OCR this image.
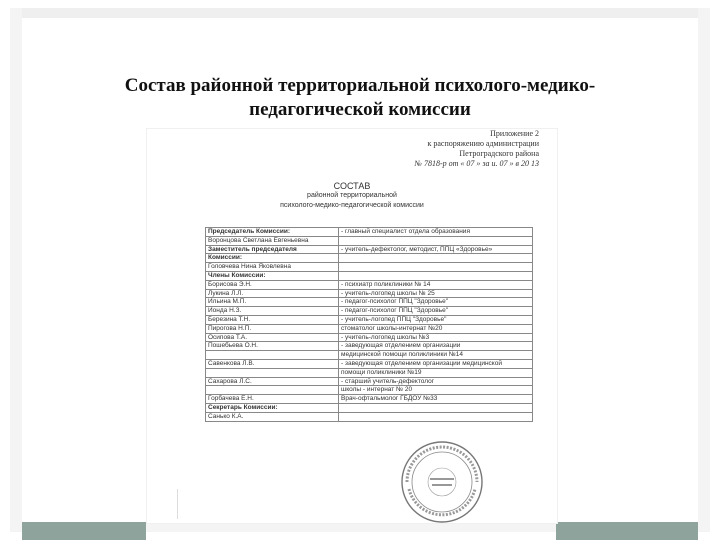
Состав районной территориальной психолого-медико-
педагогической комиссии
Приложение 2
к распоряжению администрации
Петроградского района
№ 7818-р от « 07 » за и. 07 » в 20 13
СОСТАВ
районной территориальной
психолого-медико-педагогической комиссии
Председатель Комиссии:	- главный специалист отдела образования
Воронцова Светлана Евгеньевна	
Заместитель председателя	- учитель-дефектолог, методист, ППЦ «Здоровье»
Комиссии:	
Головчева Нина Яковлевна	
Члены Комиссии:	
Борисова Э.Н.	- психиатр поликлиники № 14
Лукина Л.Л.	- учитель-логопед школы № 25
Ильина М.П.	- педагог-психолог ППЦ "Здоровье"
Ионда Н.З.	- педагог-психолог ППЦ "Здоровье"
Березина Т.Н.	- учитель-логопед ППЦ "Здоровье"
Пирогова Н.П.	стоматолог школы-интернат №20
Осипова Т.А.	- учитель-логопед школы №3
Пошебьева О.Н.	- заведующая отделением организации
	медицинской помощи поликлиники №14
Савенкова Л.В.	- заведующая отделением организации медицинской
	помощи поликлиники №19
Сахарова Л.С.	- старший учитель-дефектолог
	школы - интернат № 20
Горбачева Е.Н.	Врач-офтальмолог ГБДОУ №33
Секретарь Комиссии:	
Санько К.А.	
